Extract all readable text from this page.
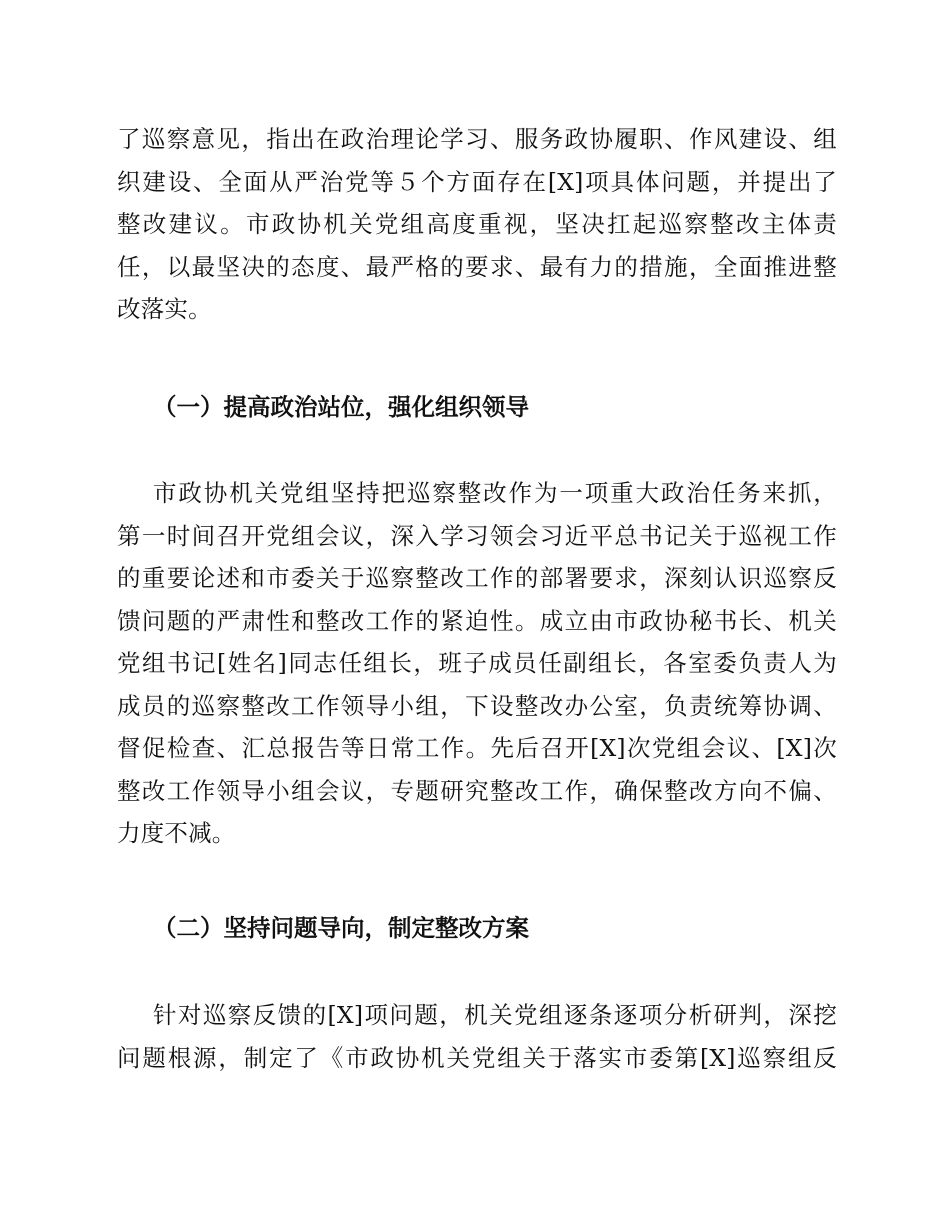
了巡察意见，指出在政治理论学习、服务政协履职、作风建设、组
织建设、全面从严治党等５个方面存在[X]项具体问题，并提出了
整改建议。市政协机关党组高度重视，坚决扛起巡察整改主体责
任，以最坚决的态度、最严格的要求、最有力的措施，全面推进整
改落实。
（一）提高政治站位，强化组织领导
市政协机关党组坚持把巡察整改作为一项重大政治任务来抓，
第一时间召开党组会议，深入学习领会习近平总书记关于巡视工作
的重要论述和市委关于巡察整改工作的部署要求，深刻认识巡察反
馈问题的严肃性和整改工作的紧迫性。成立由市政协秘书长、机关
党组书记[姓名]同志任组长，班子成员任副组长，各室委负责人为
成员的巡察整改工作领导小组，下设整改办公室，负责统筹协调、
督促检查、汇总报告等日常工作。先后召开[X]次党组会议、[X]次
整改工作领导小组会议，专题研究整改工作，确保整改方向不偏、
力度不减。
（二）坚持问题导向，制定整改方案
针对巡察反馈的[X]项问题，机关党组逐条逐项分析研判，深挖
问题根源，制定了《市政协机关党组关于落实市委第[X]巡察组反
